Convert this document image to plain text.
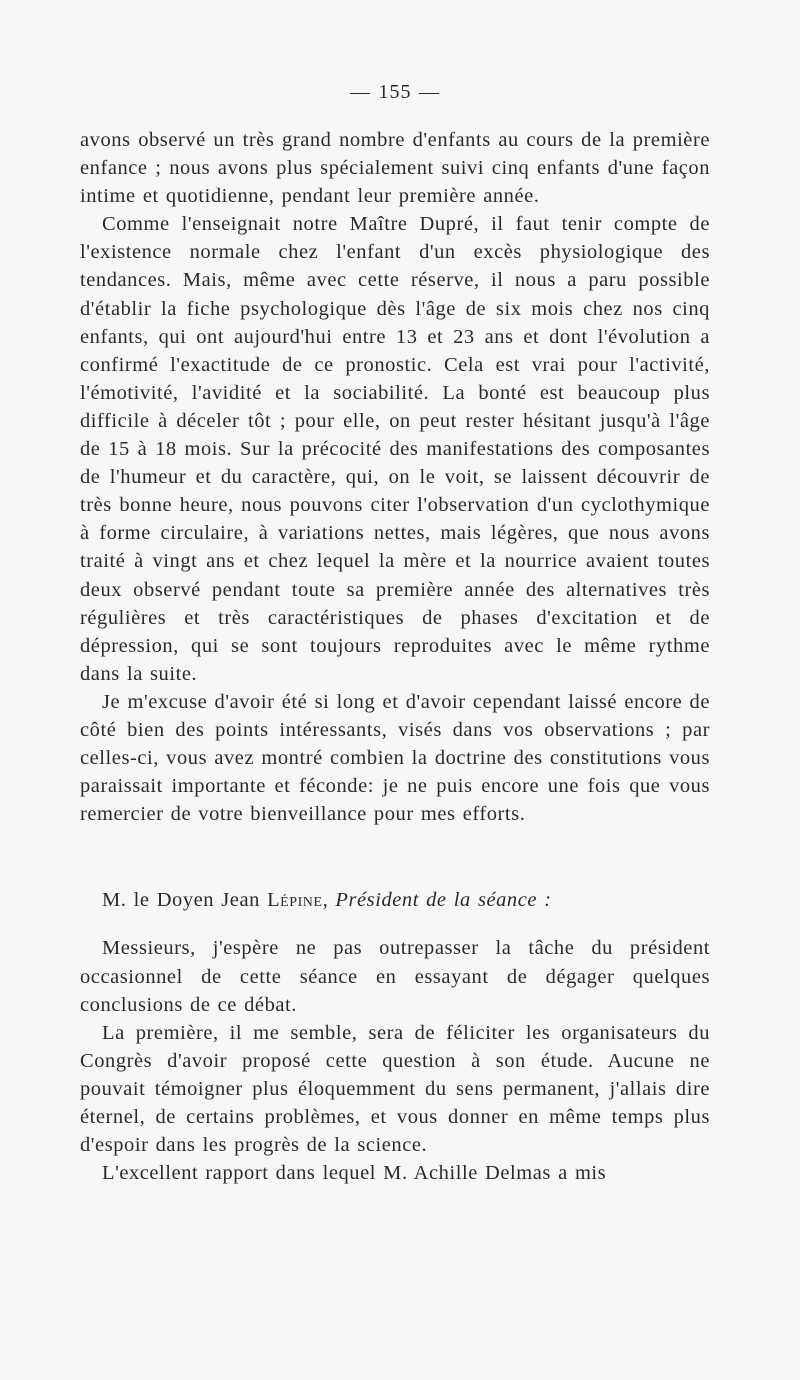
— 155 —

avons observé un très grand nombre d'enfants au cours de la première enfance ; nous avons plus spécialement suivi cinq enfants d'une façon intime et quotidienne, pendant leur première année.

Comme l'enseignait notre Maître Dupré, il faut tenir compte de l'existence normale chez l'enfant d'un excès physiologique des tendances. Mais, même avec cette réserve, il nous a paru possible d'établir la fiche psychologique dès l'âge de six mois chez nos cinq enfants, qui ont aujourd'hui entre 13 et 23 ans et dont l'évolution a confirmé l'exactitude de ce pronostic. Cela est vrai pour l'activité, l'émotivité, l'avidité et la sociabilité. La bonté est beaucoup plus difficile à déceler tôt ; pour elle, on peut rester hésitant jusqu'à l'âge de 15 à 18 mois. Sur la précocité des manifestations des composantes de l'humeur et du caractère, qui, on le voit, se laissent découvrir de très bonne heure, nous pouvons citer l'observation d'un cyclothymique à forme circulaire, à variations nettes, mais légères, que nous avons traité à vingt ans et chez lequel la mère et la nourrice avaient toutes deux observé pendant toute sa première année des alternatives très régulières et très caractéristiques de phases d'excitation et de dépression, qui se sont toujours reproduites avec le même rythme dans la suite.

Je m'excuse d'avoir été si long et d'avoir cependant laissé encore de côté bien des points intéressants, visés dans vos observations ; par celles-ci, vous avez montré combien la doctrine des constitutions vous paraissait importante et féconde: je ne puis encore une fois que vous remercier de votre bienveillance pour mes efforts.

M. le Doyen Jean Lépine, Président de la séance :

Messieurs, j'espère ne pas outrepasser la tâche du président occasionnel de cette séance en essayant de dégager quelques conclusions de ce débat.

La première, il me semble, sera de féliciter les organisateurs du Congrès d'avoir proposé cette question à son étude. Aucune ne pouvait témoigner plus éloquemment du sens permanent, j'allais dire éternel, de certains problèmes, et vous donner en même temps plus d'espoir dans les progrès de la science.

L'excellent rapport dans lequel M. Achille Delmas a mis
